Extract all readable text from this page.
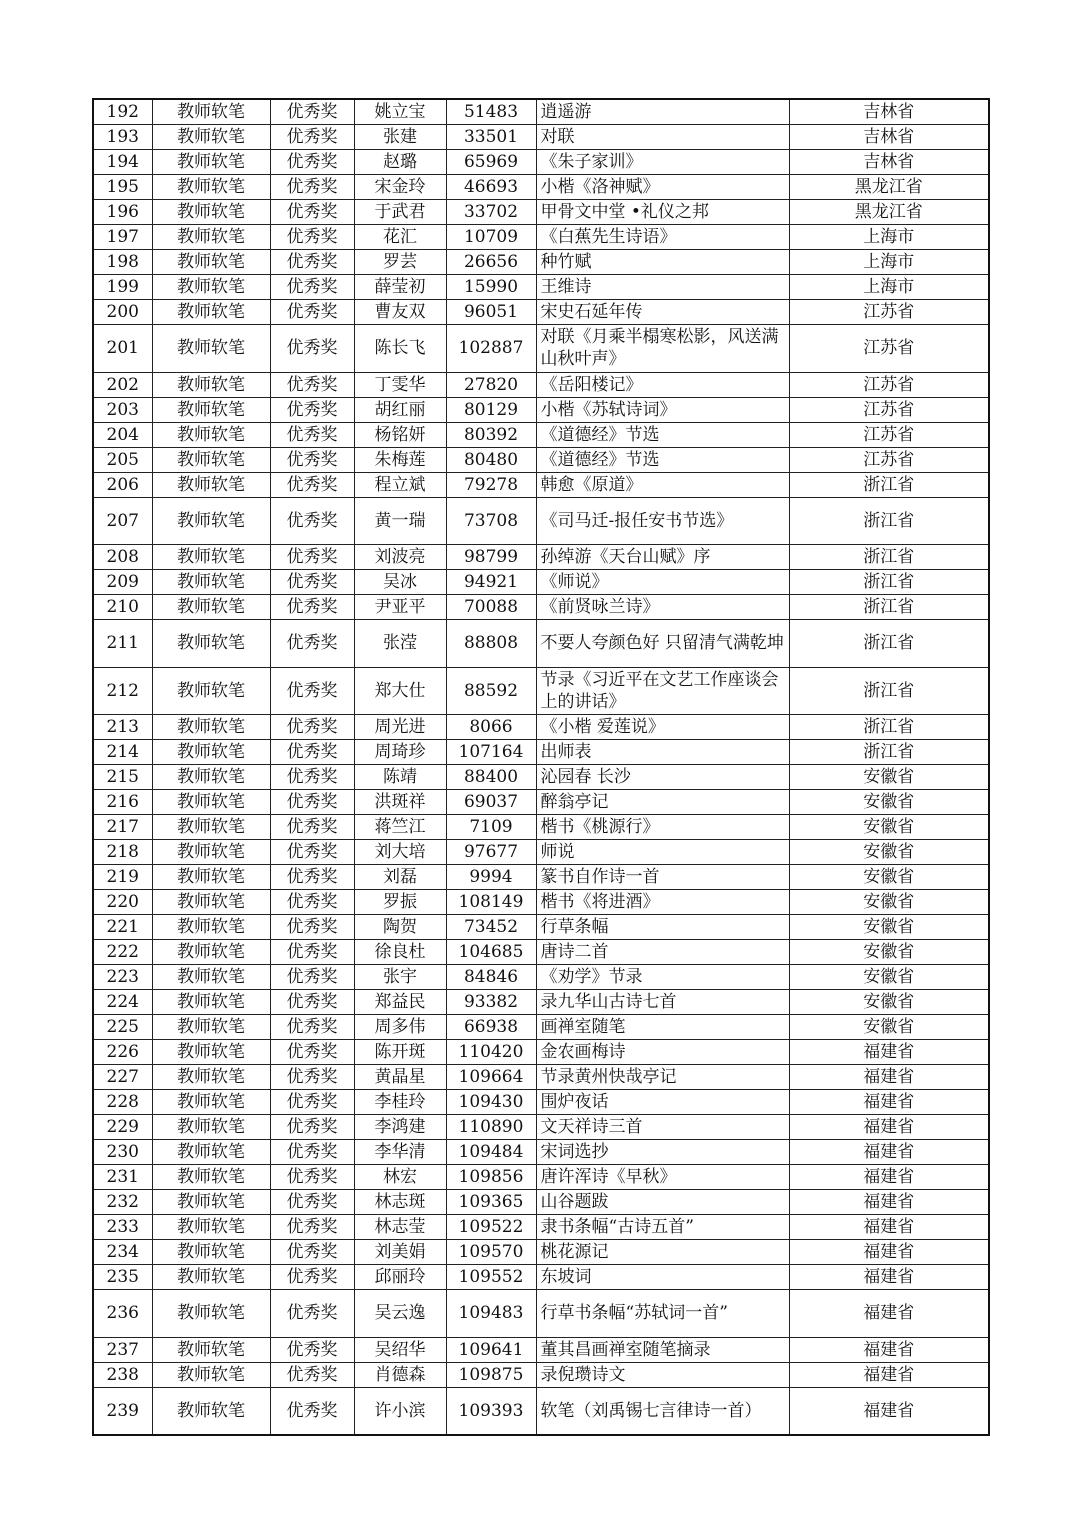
192	教师软笔	优秀奖	姚立宝	51483	逍遥游	吉林省
193	教师软笔	优秀奖	张建	33501	对联	吉林省
194	教师软笔	优秀奖	赵璐	65969	《朱子家训》	吉林省
195	教师软笔	优秀奖	宋金玲	46693	小楷《洛神赋》	黑龙江省
196	教师软笔	优秀奖	于武君	33702	甲骨文中堂 •礼仪之邦	黑龙江省
197	教师软笔	优秀奖	花汇	10709	《白蕉先生诗语》	上海市
198	教师软笔	优秀奖	罗芸	26656	种竹赋	上海市
199	教师软笔	优秀奖	薛莹初	15990	王维诗	上海市
200	教师软笔	优秀奖	曹友双	96051	宋史石延年传	江苏省
201	教师软笔	优秀奖	陈长飞	102887	对联《月乘半榻寒松影，风送满山秋叶声》	江苏省
202	教师软笔	优秀奖	丁雯华	27820	《岳阳楼记》	江苏省
203	教师软笔	优秀奖	胡红丽	80129	小楷《苏轼诗词》	江苏省
204	教师软笔	优秀奖	杨铭妍	80392	《道德经》节选	江苏省
205	教师软笔	优秀奖	朱梅莲	80480	《道德经》节选	江苏省
206	教师软笔	优秀奖	程立斌	79278	韩愈《原道》	浙江省
207	教师软笔	优秀奖	黄一瑞	73708	《司马迁-报任安书节选》	浙江省
208	教师软笔	优秀奖	刘波亮	98799	孙绰游《天台山赋》序	浙江省
209	教师软笔	优秀奖	吴冰	94921	《师说》	浙江省
210	教师软笔	优秀奖	尹亚平	70088	《前贤咏兰诗》	浙江省
211	教师软笔	优秀奖	张滢	88808	不要人夸颜色好 只留清气满乾坤	浙江省
212	教师软笔	优秀奖	郑大仕	88592	节录《习近平在文艺工作座谈会上的讲话》	浙江省
213	教师软笔	优秀奖	周光进	8066	《小楷 爱莲说》	浙江省
214	教师软笔	优秀奖	周琦珍	107164	出师表	浙江省
215	教师软笔	优秀奖	陈靖	88400	沁园春 长沙	安徽省
216	教师软笔	优秀奖	洪斑祥	69037	醉翁亭记	安徽省
217	教师软笔	优秀奖	蒋竺江	7109	楷书《桃源行》	安徽省
218	教师软笔	优秀奖	刘大培	97677	师说	安徽省
219	教师软笔	优秀奖	刘磊	9994	篆书自作诗一首	安徽省
220	教师软笔	优秀奖	罗振	108149	楷书《将进酒》	安徽省
221	教师软笔	优秀奖	陶贺	73452	行草条幅	安徽省
222	教师软笔	优秀奖	徐良杜	104685	唐诗二首	安徽省
223	教师软笔	优秀奖	张宇	84846	《劝学》节录	安徽省
224	教师软笔	优秀奖	郑益民	93382	录九华山古诗七首	安徽省
225	教师软笔	优秀奖	周多伟	66938	画禅室随笔	安徽省
226	教师软笔	优秀奖	陈开斑	110420	金农画梅诗	福建省
227	教师软笔	优秀奖	黄晶星	109664	节录黄州快哉亭记	福建省
228	教师软笔	优秀奖	李桂玲	109430	围炉夜话	福建省
229	教师软笔	优秀奖	李鸿建	110890	文天祥诗三首	福建省
230	教师软笔	优秀奖	李华清	109484	宋词选抄	福建省
231	教师软笔	优秀奖	林宏	109856	唐许浑诗《早秋》	福建省
232	教师软笔	优秀奖	林志斑	109365	山谷题跋	福建省
233	教师软笔	优秀奖	林志莹	109522	隶书条幅“古诗五首”	福建省
234	教师软笔	优秀奖	刘美娟	109570	桃花源记	福建省
235	教师软笔	优秀奖	邱丽玲	109552	东坡词	福建省
236	教师软笔	优秀奖	吴云逸	109483	行草书条幅“苏轼词一首”	福建省
237	教师软笔	优秀奖	吴绍华	109641	董其昌画禅室随笔摘录	福建省
238	教师软笔	优秀奖	肖德森	109875	录倪瓒诗文	福建省
239	教师软笔	优秀奖	许小滨	109393	软笔（刘禹锡七言律诗一首）	福建省
